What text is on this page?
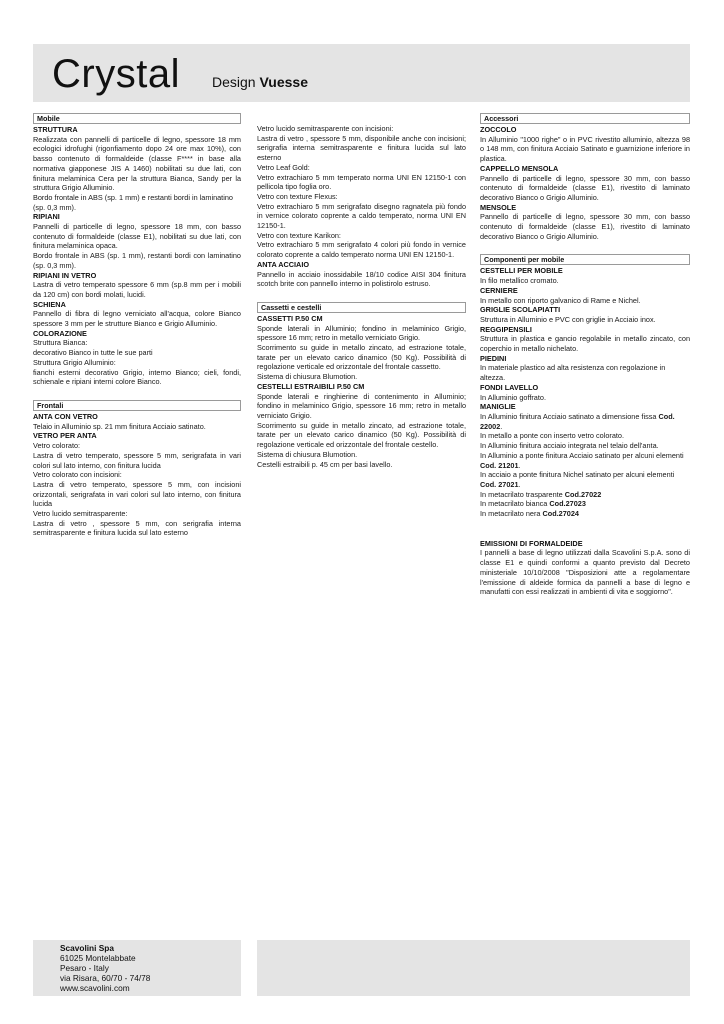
Crystal Design Vuesse
Mobile
STRUTTURA

Realizzata con pannelli di particelle di legno, spessore 18 mm ecologici idrofughi (rigonfiamento dopo 24 ore max 10%), con basso contenuto di formaldeide (classe F**** in base alla normativa giapponese JIS A 1460) nobilitati su due lati, con finitura melaminica Cera per la struttura Bianca, Sandy per la struttura Grigio Alluminio.

Bordo frontale in ABS (sp. 1 mm) e restanti bordi in laminatino (sp. 0,3 mm).

RIPIANI

Pannelli di particelle di legno, spessore 18 mm, con basso contenuto di formaldeide (classe E1), nobilitati su due lati, con finitura melaminica opaca.

Bordo frontale in ABS (sp. 1 mm), restanti bordi con laminatino (sp. 0,3 mm).

RIPIANI IN VETRO

Lastra di vetro temperato spessore 6 mm (sp.8 mm per i mobili da 120 cm) con bordi molati, lucidi.

SCHIENA

Pannello di fibra di legno verniciato all'acqua, colore Bianco spessore 3 mm per le strutture Bianco e Grigio Alluminio.

COLORAZIONE

Struttura Bianca:

decorativo Bianco in tutte le sue parti

Struttura Grigio Alluminio:

fianchi esterni decorativo Grigio, interno Bianco; cieli, fondi, schienale e ripiani interni colore Bianco.

Frontali
ANTA CON VETRO

Telaio in Alluminio sp. 21 mm finitura Acciaio satinato.

VETRO PER ANTA

Vetro colorato:

Lastra di vetro temperato, spessore 5 mm, serigrafata in vari colori sul lato interno, con finitura lucida

Vetro colorato con incisioni:

Lastra di vetro temperato, spessore 5 mm, con incisioni orizzontali, serigrafata in vari colori sul lato interno, con finitura lucida

Vetro lucido semitrasparente:

Lastra di vetro , spessore 5 mm, con serigrafia interna semitrasparente e finitura lucida sul lato esterno

Vetro lucido semitrasparente con incisioni:

Lastra di vetro , spessore 5 mm, disponibile anche con incisioni; serigrafia interna semitrasparente e finitura lucida sul lato esterno

Vetro Leaf Gold:

Vetro extrachiaro 5 mm temperato norma UNI EN 12150-1 con pellicola tipo foglia oro.

Vetro con texture Flexus:

Vetro extrachiaro 5 mm serigrafato disegno ragnatela più fondo in vernice colorato coprente a caldo temperato, norma UNI EN 12150-1.

Vetro con texture Karikon:

Vetro extrachiaro 5 mm serigrafato 4 colori più fondo in vernice colorato coprente a caldo temperato norma UNI EN 12150-1.

ANTA ACCIAIO

Pannello in acciaio inossidabile 18/10 codice AISI 304 finitura scotch brite con pannello interno in polistirolo estruso.

Cassetti e cestelli
CASSETTI P.50 CM

Sponde laterali in Alluminio; fondino in melaminico Grigio, spessore 16 mm; retro in metallo verniciato Grigio.

Scorrimento su guide in metallo zincato, ad estrazione totale, tarate per un elevato carico dinamico (50 Kg). Possibilità di regolazione verticale ed orizzontale del frontale cassetto.

Sistema di chiusura Blumotion.

CESTELLI ESTRAIBILI P.50 CM

Sponde laterali e ringhierine di contenimento in Alluminio; fondino in melaminico Grigio, spessore 16 mm; retro in metallo verniciato Grigio.

Scorrimento su guide in metallo zincato, ad estrazione totale, tarate per un elevato carico dinamico (50 Kg). Possibilità di regolazione verticale ed orizzontale del frontale cestello.

Sistema di chiusura Blumotion.

Cestelli estraibili p. 45 cm per basi lavello.

Accessori
ZOCCOLO

In Alluminio "1000 righe" o in PVC rivestito alluminio, altezza 98 o 148 mm, con finitura Acciaio Satinato e guarnizione inferiore in plastica.

CAPPELLO MENSOLA

Pannello di particelle di legno, spessore 30 mm, con basso contenuto di formaldeide (classe E1), rivestito di laminato decorativo Bianco o Grigio Alluminio.

MENSOLE

Pannello di particelle di legno, spessore 30 mm, con basso contenuto di formaldeide (classe E1), rivestito di laminato decorativo Bianco o Grigio Alluminio.

Componenti per mobile
CESTELLI PER MOBILE

In filo metallico cromato.

CERNIERE

In metallo con riporto galvanico di Rame e Nichel.

GRIGLIE SCOLAPIATTI

Struttura in Alluminio e PVC con griglie in Acciaio inox.

REGGIPENSILI

Struttura in plastica e gancio regolabile in metallo zincato, con coperchio in metallo nichelato.

PIEDINI

In materiale plastico ad alta resistenza con regolazione in altezza.

FONDI LAVELLO

In Alluminio goffrato.

MANIGLIE

In Alluminio finitura Acciaio satinato a dimensione fissa Cod. 22002.

In metallo a ponte con inserto vetro colorato.

In Alluminio finitura acciaio integrata nel telaio dell'anta.

In Alluminio a ponte finitura Acciaio satinato per alcuni elementi Cod. 21201.

In acciaio a ponte finitura Nichel satinato per alcuni elementi Cod. 27021.

In metacrilato trasparente Cod.27022

In metacrilato bianca Cod.27023

In metacrilato nera Cod.27024

EMISSIONI DI FORMALDEIDE

I pannelli a base di legno utilizzati dalla Scavolini S.p.A. sono di classe E1 e quindi conformi a quanto previsto dal Decreto ministeriale 10/10/2008 "Disposizioni atte a regolamentare l'emissione di aldeide formica da pannelli a base di legno e manufatti con essi realizzati in ambienti di vita e soggiorno".

Scavolini Spa
61025 Montelabbate
Pesaro - Italy
via Risara, 60/70 - 74/78
www.scavolini.com
